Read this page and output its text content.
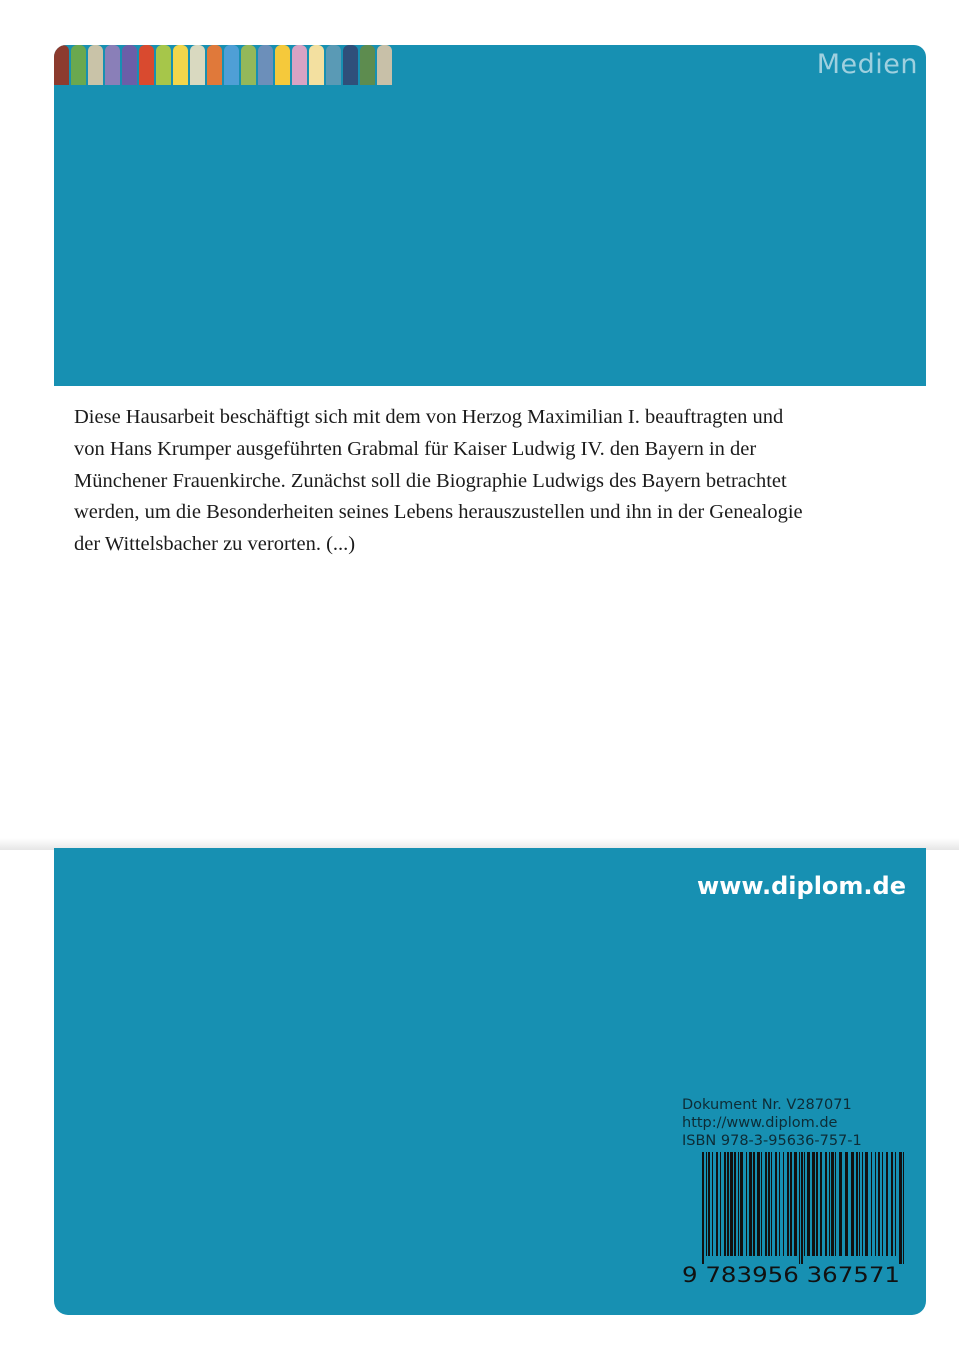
Medien

Diese Hausarbeit beschäftigt sich mit dem von Herzog Maximilian I. beauftragten und
von Hans Krumper ausgeführten Grabmal für Kaiser Ludwig IV. den Bayern in der
Münchener Frauenkirche. Zunächst soll die Biographie Ludwigs des Bayern betrachtet
werden, um die Besonderheiten seines Lebens herauszustellen und ihn in der Genealogie
der Wittelsbacher zu verorten. (...)

www.diplom.de
Dokument Nr. V287071
http://www.diplom.de
ISBN 978-3-95636-757-1
9 783956 367571
